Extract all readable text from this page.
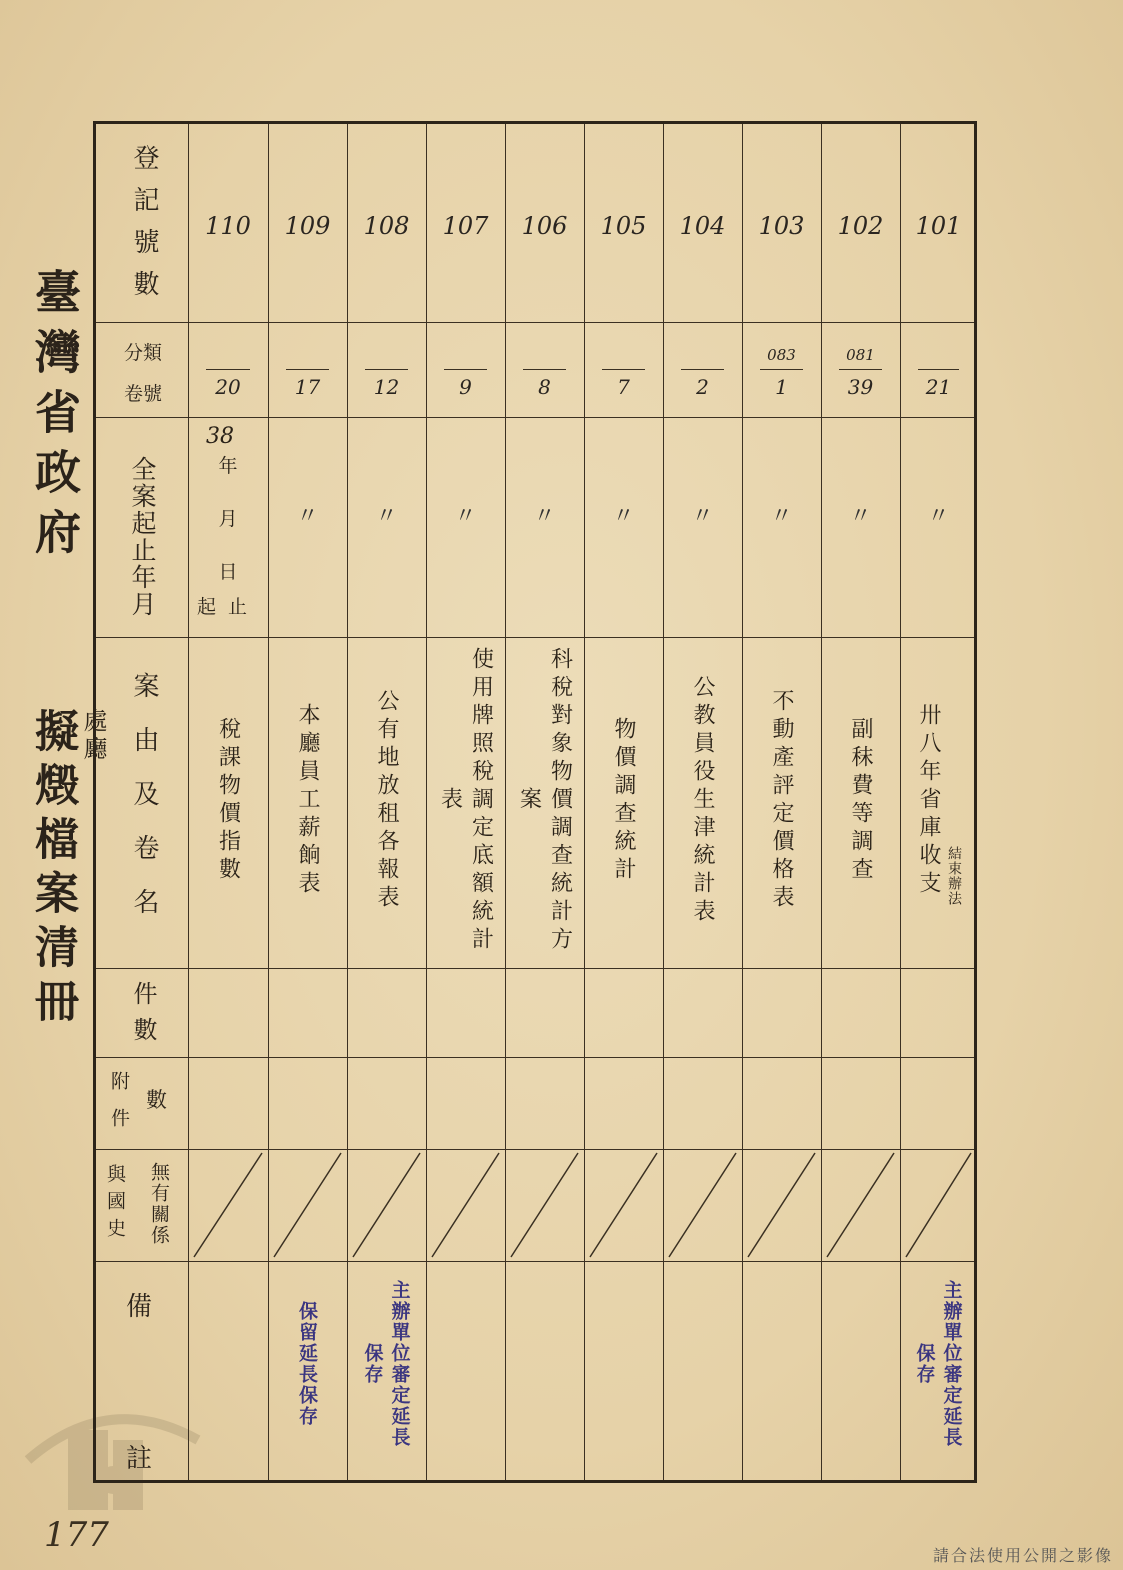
臺灣省政府
處廳
擬燬檔案清冊
登記號數
分類
卷號
全案起止年月
案由及卷名
件數
附件 數
與國史 無有關係
備
註
38
年
月
日
起止
110
20
稅課物價指數
109
17
〃
本廳員工薪餉表
保留延長保存
108
12
〃
公有地放租各報表
主辦單位審定延長保存
107
9
〃
使用牌照稅調定底額統計表
106
8
〃
科稅對象物價調查統計方案
105
7
〃
物價調查統計
104
2
〃
公教員役生津統計表
103
083
1
〃
不動產評定價格表
102
081
39
〃
副秣費等調查
101
21
〃
卅八年省庫收支 結束辦法
主辦單位審定延長保存
177
請合法使用公開之影像
